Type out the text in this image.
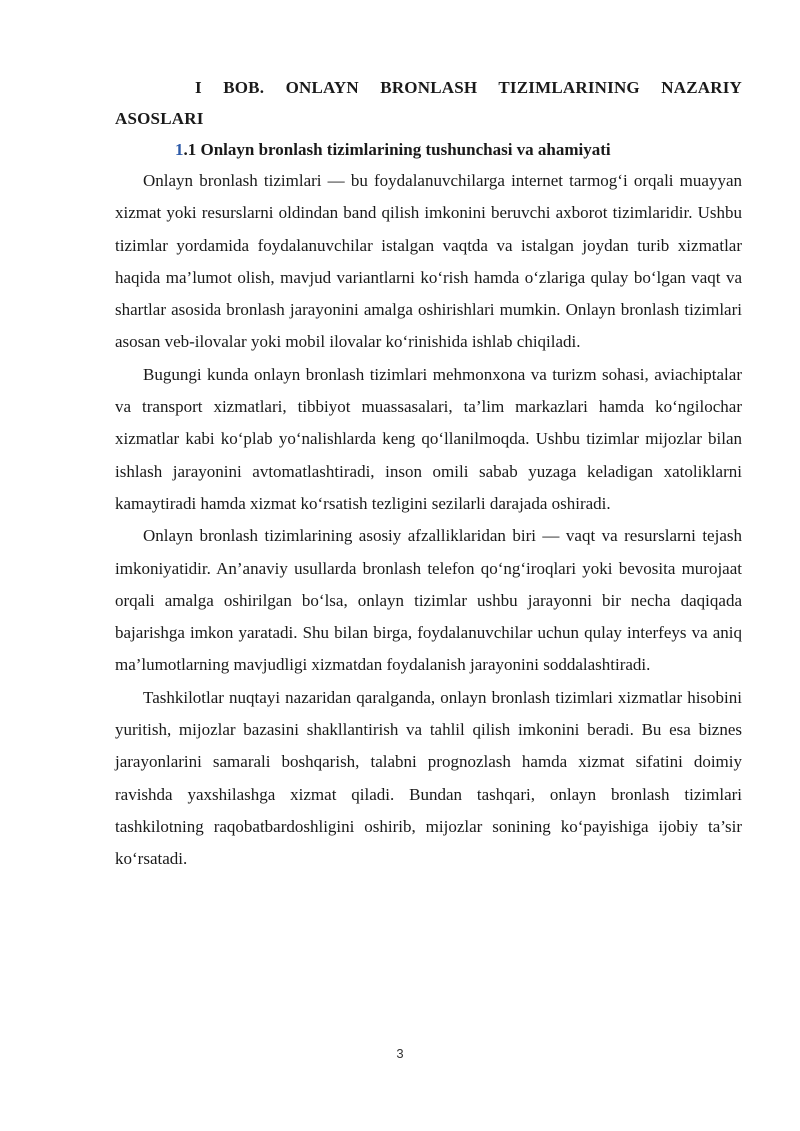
I BOB. ONLAYN BRONLASH TIZIMLARINING NAZARIY ASOSLARI

1.1 Onlayn bronlash tizimlarining tushunchasi va ahamiyati

Onlayn bronlash tizimlari — bu foydalanuvchilarga internet tarmog‘i orqali muayyan xizmat yoki resurslarni oldindan band qilish imkonini beruvchi axborot tizimlaridir. Ushbu tizimlar yordamida foydalanuvchilar istalgan vaqtda va istalgan joydan turib xizmatlar haqida ma’lumot olish, mavjud variantlarni ko‘rish hamda o‘zlariga qulay bo‘lgan vaqt va shartlar asosida bronlash jarayonini amalga oshirishlari mumkin. Onlayn bronlash tizimlari asosan veb-ilovalar yoki mobil ilovalar ko‘rinishida ishlab chiqiladi.

Bugungi kunda onlayn bronlash tizimlari mehmonxona va turizm sohasi, aviachiptalar va transport xizmatlari, tibbiyot muassasalari, ta’lim markazlari hamda ko‘ngilochar xizmatlar kabi ko‘plab yo‘nalishlarda keng qo‘llanilmoqda. Ushbu tizimlar mijozlar bilan ishlash jarayonini avtomatlashtiradi, inson omili sabab yuzaga keladigan xatoliklarni kamaytiradi hamda xizmat ko‘rsatish tezligini sezilarli darajada oshiradi.

Onlayn bronlash tizimlarining asosiy afzalliklaridan biri — vaqt va resurslarni tejash imkoniyatidir. An’anaviy usullarda bronlash telefon qo‘ng‘iroqlari yoki bevosita murojaat orqali amalga oshirilgan bo‘lsa, onlayn tizimlar ushbu jarayonni bir necha daqiqada bajarishga imkon yaratadi. Shu bilan birga, foydalanuvchilar uchun qulay interfeys va aniq ma’lumotlarning mavjudligi xizmatdan foydalanish jarayonini soddalashtiradi.

Tashkilotlar nuqtayi nazaridan qaralganda, onlayn bronlash tizimlari xizmatlar hisobini yuritish, mijozlar bazasini shakllantirish va tahlil qilish imkonini beradi. Bu esa biznes jarayonlarini samarali boshqarish, talabni prognozlash hamda xizmat sifatini doimiy ravishda yaxshilashga xizmat qiladi. Bundan tashqari, onlayn bronlash tizimlari tashkilotning raqobatbardoshligini oshirib, mijozlar sonining ko‘payishiga ijobiy ta’sir ko‘rsatadi.

3
